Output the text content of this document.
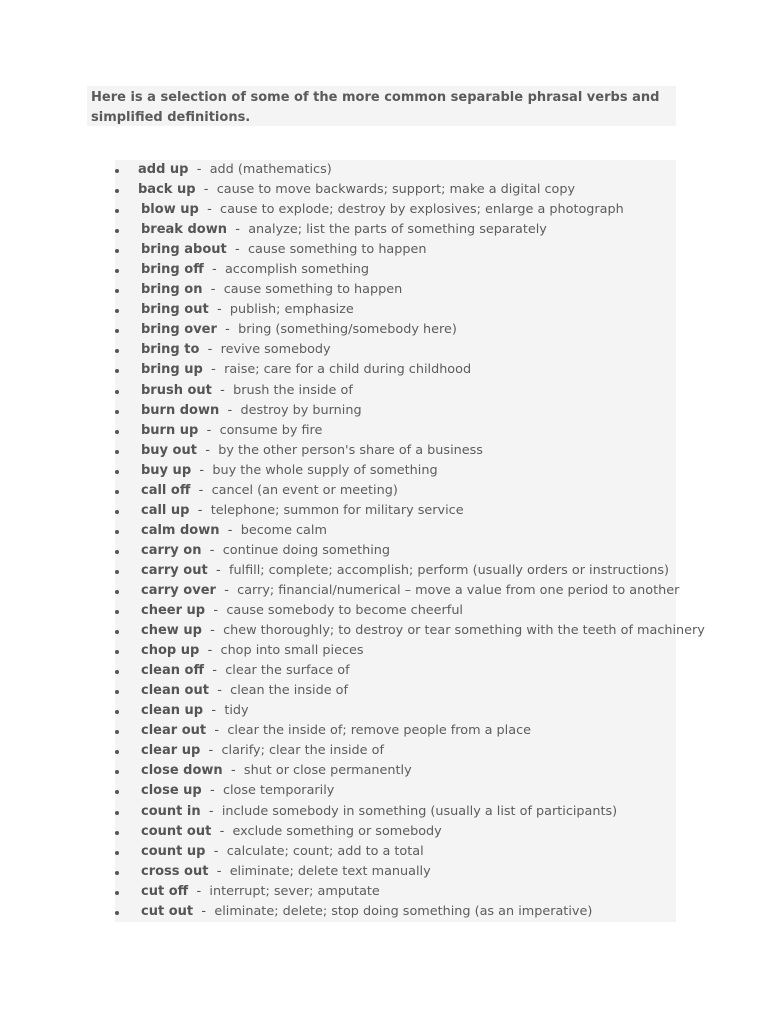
Here is a selection of some of the more common separable phrasal verbs and simplified definitions.
add up - add (mathematics)
back up - cause to move backwards; support; make a digital copy
blow up - cause to explode; destroy by explosives; enlarge a photograph
break down - analyze; list the parts of something separately
bring about - cause something to happen
bring off - accomplish something
bring on - cause something to happen
bring out - publish; emphasize
bring over - bring (something/somebody here)
bring to - revive somebody
bring up - raise; care for a child during childhood
brush out - brush the inside of
burn down - destroy by burning
burn up - consume by fire
buy out - by the other person's share of a business
buy up - buy the whole supply of something
call off - cancel (an event or meeting)
call up - telephone; summon for military service
calm down - become calm
carry on - continue doing something
carry out - fulfill; complete; accomplish; perform (usually orders or instructions)
carry over - carry; financial/numerical – move a value from one period to another
cheer up - cause somebody to become cheerful
chew up - chew thoroughly; to destroy or tear something with the teeth of machinery
chop up - chop into small pieces
clean off - clear the surface of
clean out - clean the inside of
clean up - tidy
clear out - clear the inside of; remove people from a place
clear up - clarify; clear the inside of
close down - shut or close permanently
close up - close temporarily
count in - include somebody in something (usually a list of participants)
count out - exclude something or somebody
count up - calculate; count; add to a total
cross out - eliminate; delete text manually
cut off - interrupt; sever; amputate
cut out - eliminate; delete; stop doing something (as an imperative)
